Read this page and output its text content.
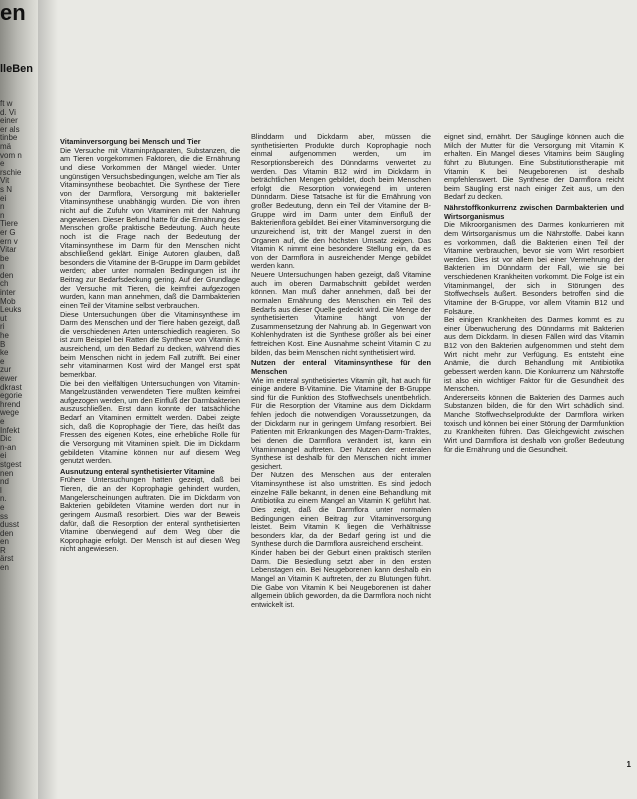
en
lleBen
ft w
d. Vi
einer
er als
tinbe
mä
vom n
e
rschie
Vit
s N
ei
n
n
Tiere
er G
ern v
Vitar
be
n
den
ch
inter
Mob
Leuks
ut
ri
he
B
ke
e
zur
ewer
dkrast
egorie
hrend
wege
e
Infekt
Dic
n-an
ei
stgest
nen
nd
l
n.
e
ss
dusst
den
en
R
ärst
en
Vitaminversorgung bei Mensch und Tier

Die Versuche mit Vitaminpräparaten, Substanzen, die am Tieren vorgekommen Faktoren, die die Ernährung und diese Vorkommen der Mängel wieder. Unter ungünstigen Versuchsbedingungen, welche am Tier als Vitaminsynthese beobachtet. Die Synthese der Tiere von der Darmflora, Versorgung mit bakterieller Vitaminsynthese unabhängig wurden. Die von ihren nicht auf die Zufuhr von Vitaminen mit der Nahrung angewiesen. Dieser Befund hatte für die Ernährung des Menschen große praktische Bedeutung. Auch heute noch ist die Frage nach der Bedeutung der Vitaminsynthese im Darm für den Menschen nicht abschließend geklärt. Einige Autoren glauben, daß besonders die Vitamine der B-Gruppe im Darm gebildet werden; aber unter normalen Bedingungen ist ihr Beitrag zur Bedarfsdeckung gering. Auf der Grundlage der Versuche mit Tieren, die keimfrei aufgezogen wurden, kann man annehmen, daß die Darmbakterien einen Teil der Vitamine selbst verbrauchen.

Diese Untersuchungen über die Vitaminsynthese im Darm des Menschen und der Tiere haben gezeigt, daß die verschiedenen Arten unterschiedlich reagieren. So ist zum Beispiel bei Ratten die Synthese von Vitamin K ausreichend, um den Bedarf zu decken, während dies beim Menschen nicht in jedem Fall zutrifft. Bei einer sehr vitaminarmen Kost wird der Mangel erst spät bemerkbar.

Die bei den vielfältigen Untersuchungen von Vitamin-Mangelzuständen verwendeten Tiere mußten keimfrei aufgezogen werden, um den Einfluß der Darmbakterien auszuschließen. Erst dann konnte der tatsächliche Bedarf an Vitaminen ermittelt werden. Dabei zeigte sich, daß die Koprophagie der Tiere, das heißt das Fressen des eigenen Kotes, eine erhebliche Rolle für die Versorgung mit Vitaminen spielt. Die im Dickdarm gebildeten Vitamine können nur auf diesem Weg genutzt werden.

Ausnutzung enteral synthetisierter Vitamine

Frühere Untersuchungen hatten gezeigt, daß bei Tieren, die an der Koprophagie gehindert wurden, Mangelerscheinungen auftraten. Die im Dickdarm von Bakterien gebildeten Vitamine werden dort nur in geringem Ausmaß resorbiert. Dies war der Beweis dafür, daß die Resorption der enteral synthetisierten Vitamine überwiegend auf dem Weg über die Koprophagie erfolgt. Der Mensch ist auf diesen Weg nicht angewiesen.

Blinddarm und Dickdarm aber, müssen die synthetisierten Produkte durch Koprophagie noch einmal aufgenommen werden, um im Resorptionsbereich des Dünndarms verwertet zu werden. Das Vitamin B12 wird im Dickdarm in beträchtlichen Mengen gebildet, doch beim Menschen erfolgt die Resorption vorwiegend im unteren Dünndarm. Diese Tatsache ist für die Ernährung von großer Bedeutung, denn ein Teil der Vitamine der B-Gruppe wird im Darm unter dem Einfluß der Bakterienflora gebildet. Bei einer Vitaminversorgung die unzureichend ist, tritt der Mangel zuerst in den Organen auf, die den höchsten Umsatz zeigen. Das Vitamin K nimmt eine besondere Stellung ein, da es von der Darmflora in ausreichender Menge gebildet werden kann.

Neuere Untersuchungen haben gezeigt, daß Vitamine auch im oberen Darmabschnitt gebildet werden können. Man muß daher annehmen, daß bei der normalen Ernährung des Menschen ein Teil des Bedarfs aus dieser Quelle gedeckt wird. Die Menge der synthetisierten Vitamine hängt von der Zusammensetzung der Nahrung ab. In Gegenwart von Kohlenhydraten ist die Synthese größer als bei einer fettreichen Kost. Eine Ausnahme scheint Vitamin C zu bilden, das beim Menschen nicht synthetisiert wird.

Nutzen der enteral Vitaminsynthese für den Menschen

Wie im enteral synthetisiertes Vitamin gilt, hat auch für einige andere B-Vitamine. Die Vitamine der B-Gruppe sind für die Funktion des Stoffwechsels unentbehrlich. Für die Resorption der Vitamine aus dem Dickdarm fehlen jedoch die notwendigen Voraussetzungen, da der Dickdarm nur in geringem Umfang resorbiert. Bei Patienten mit Erkrankungen des Magen-Darm-Traktes, bei denen die Darmflora verändert ist, kann ein Vitaminmangel auftreten. Der Nutzen der enteralen Synthese ist deshalb für den Menschen nicht immer gesichert.

Der Nutzen des Menschen aus der enteralen Vitaminsynthese ist also umstritten. Es sind jedoch einzelne Fälle bekannt, in denen eine Behandlung mit Antibiotika zu einem Mangel an Vitamin K geführt hat. Dies zeigt, daß die Darmflora unter normalen Bedingungen einen Beitrag zur Vitaminversorgung leistet. Beim Vitamin K liegen die Verhältnisse besonders klar, da der Bedarf gering ist und die Synthese durch die Darmflora ausreichend erscheint.

Kinder haben bei der Geburt einen praktisch sterilen Darm. Die Besiedlung setzt aber in den ersten Lebenstagen ein. Bei Neugeborenen kann deshalb ein Mangel an Vitamin K auftreten, der zu Blutungen führt. Die Gabe von Vitamin K bei Neugeborenen ist daher allgemein üblich geworden, da die Darmflora noch nicht entwickelt ist.

eignet sind, ernährt. Der Säuglinge können auch die Milch der Mutter für die Versorgung mit Vitamin K erhalten. Ein Mangel dieses Vitamins beim Säugling führt zu Blutungen. Eine Substitutionstherapie mit Vitamin K bei Neugeborenen ist deshalb empfehlenswert. Die Synthese der Darmflora reicht beim Säugling erst nach einiger Zeit aus, um den Bedarf zu decken.

Nährstoffkonkurrenz zwischen Darmbakterien und Wirtsorganismus

Die Mikroorganismen des Darmes konkurrieren mit dem Wirtsorganismus um die Nährstoffe. Dabei kann es vorkommen, daß die Bakterien einen Teil der Vitamine verbrauchen, bevor sie vom Wirt resorbiert werden. Dies ist vor allem bei einer Vermehrung der Bakterien im Dünndarm der Fall, wie sie bei verschiedenen Krankheiten vorkommt. Die Folge ist ein Vitaminmangel, der sich in Störungen des Stoffwechsels äußert. Besonders betroffen sind die Vitamine der B-Gruppe, vor allem Vitamin B12 und Folsäure.

Bei einigen Krankheiten des Darmes kommt es zu einer Überwucherung des Dünndarms mit Bakterien aus dem Dickdarm. In diesen Fällen wird das Vitamin B12 von den Bakterien aufgenommen und steht dem Wirt nicht mehr zur Verfügung. Es entsteht eine Anämie, die durch Behandlung mit Antibiotika gebessert werden kann. Die Konkurrenz um Nährstoffe ist also ein wichtiger Faktor für die Gesundheit des Menschen.

Andererseits können die Bakterien des Darmes auch Substanzen bilden, die für den Wirt schädlich sind. Manche Stoffwechselprodukte der Darmflora wirken toxisch und können bei einer Störung der Darmfunktion zu Krankheiten führen. Das Gleichgewicht zwischen Wirt und Darmflora ist deshalb von großer Bedeutung für die Ernährung und die Gesundheit.

1
